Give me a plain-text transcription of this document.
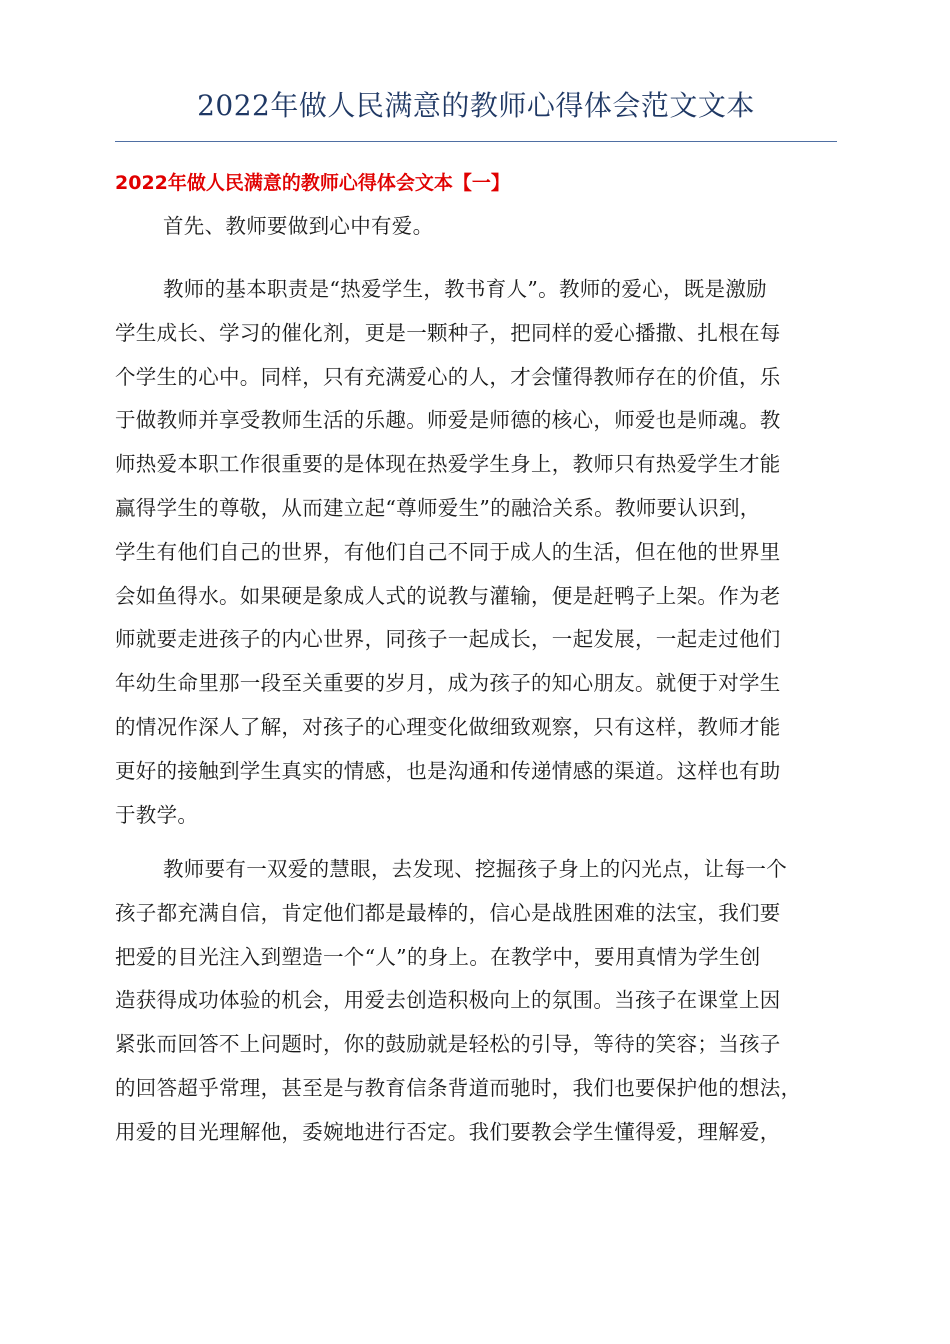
2022年做人民满意的教师心得体会范文文本
2022年做人民满意的教师心得体会文本【一】
首先、教师要做到心中有爱。
教师的基本职责是“热爱学生，教书育人”。教师的爱心，既是激励
学生成长、学习的催化剂，更是一颗种子，把同样的爱心播撒、扎根在每
个学生的心中。同样，只有充满爱心的人，才会懂得教师存在的价值，乐
于做教师并享受教师生活的乐趣。师爱是师德的核心，师爱也是师魂。教
师热爱本职工作很重要的是体现在热爱学生身上，教师只有热爱学生才能
赢得学生的尊敬，从而建立起“尊师爱生”的融洽关系。教师要认识到，
学生有他们自己的世界，有他们自己不同于成人的生活，但在他的世界里
会如鱼得水。如果硬是象成人式的说教与灌输，便是赶鸭子上架。作为老
师就要走进孩子的内心世界，同孩子一起成长，一起发展，一起走过他们
年幼生命里那一段至关重要的岁月，成为孩子的知心朋友。就便于对学生
的情况作深人了解，对孩子的心理变化做细致观察，只有这样，教师才能
更好的接触到学生真实的情感，也是沟通和传递情感的渠道。这样也有助
于教学。
教师要有一双爱的慧眼，去发现、挖掘孩子身上的闪光点，让每一个
孩子都充满自信，肯定他们都是最棒的，信心是战胜困难的法宝，我们要
把爱的目光注入到塑造一个“人”的身上。在教学中，要用真情为学生创
造获得成功体验的机会，用爱去创造积极向上的氛围。当孩子在课堂上因
紧张而回答不上问题时，你的鼓励就是轻松的引导，等待的笑容；当孩子
的回答超乎常理，甚至是与教育信条背道而驰时，我们也要保护他的想法，
用爱的目光理解他，委婉地进行否定。我们要教会学生懂得爱，理解爱，
